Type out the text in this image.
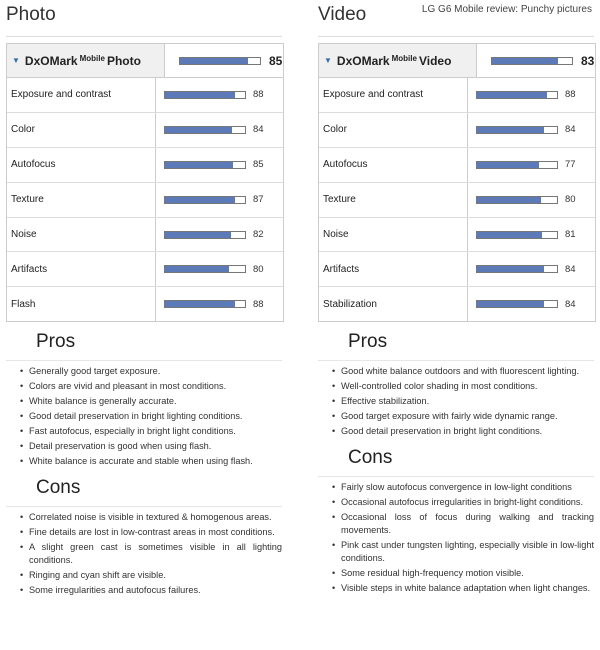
LG G6 Mobile review: Punchy pictures
Photo
▼ DxOMark $^{Mobile}$ Photo	85
Exposure and contrast	88
Color	84
Autofocus	85
Texture	87
Noise	82
Artifacts	80
Flash	88
Pros
• Generally good target exposure.
• Colors are vivid and pleasant in most conditions.
• White balance is generally accurate.
• Good detail preservation in bright lighting conditions.
• Fast autofocus, especially in bright light conditions.
• Detail preservation is good when using flash.
• White balance is accurate and stable when using flash.
Cons
• Correlated noise is visible in textured & homogenous areas.
• Fine details are lost in low-contrast areas in most conditions.
• A slight green cast is sometimes visible in all lighting conditions.
• Ringing and cyan shift are visible.
• Some irregularities and autofocus failures.
Video
▼ DxOMark $^{Mobile}$ Video	83
Exposure and contrast	88
Color	84
Autofocus	77
Texture	80
Noise	81
Artifacts	84
Stabilization	84
Pros
• Good white balance outdoors and with fluorescent lighting.
• Well-controlled color shading in most conditions.
• Effective stabilization.
• Good target exposure with fairly wide dynamic range.
• Good detail preservation in bright light conditions.
Cons
• Fairly slow autofocus convergence in low-light conditions
• Occasional autofocus irregularities in bright-light conditions.
• Occasional loss of focus during walking and tracking movements.
• Pink cast under tungsten lighting, especially visible in low-light conditions.
• Some residual high-frequency motion visible.
• Visible steps in white balance adaptation when light changes.
